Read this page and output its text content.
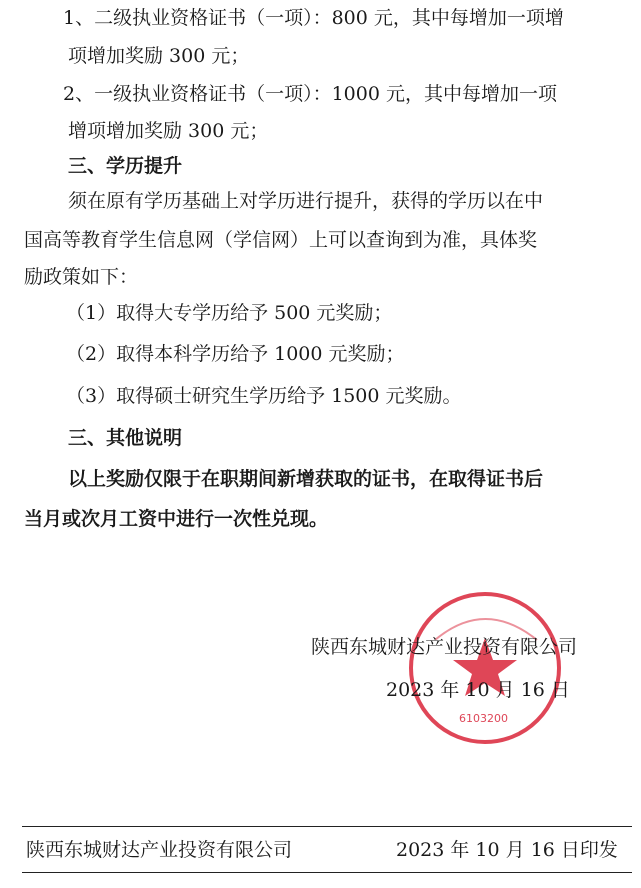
1、二级执业资格证书（一项）：800 元，其中每增加一项增
项增加奖励 300 元；
2、一级执业资格证书（一项）：1000 元，其中每增加一项
增项增加奖励 300 元；
三、学历提升
须在原有学历基础上对学历进行提升，获得的学历以在中
国高等教育学生信息网（学信网）上可以查询到为准，具体奖
励政策如下：
（1）取得大专学历给予 500 元奖励；
（2）取得本科学历给予 1000 元奖励；
（3）取得硕士研究生学历给予 1500 元奖励。
三、其他说明
以上奖励仅限于在职期间新增获取的证书，在取得证书后
当月或次月工资中进行一次性兑现。
6103200
陕西东城财达产业投资有限公司
2023 年 10 月 16 日
陕西东城财达产业投资有限公司	2023 年 10 月 16 日印发
